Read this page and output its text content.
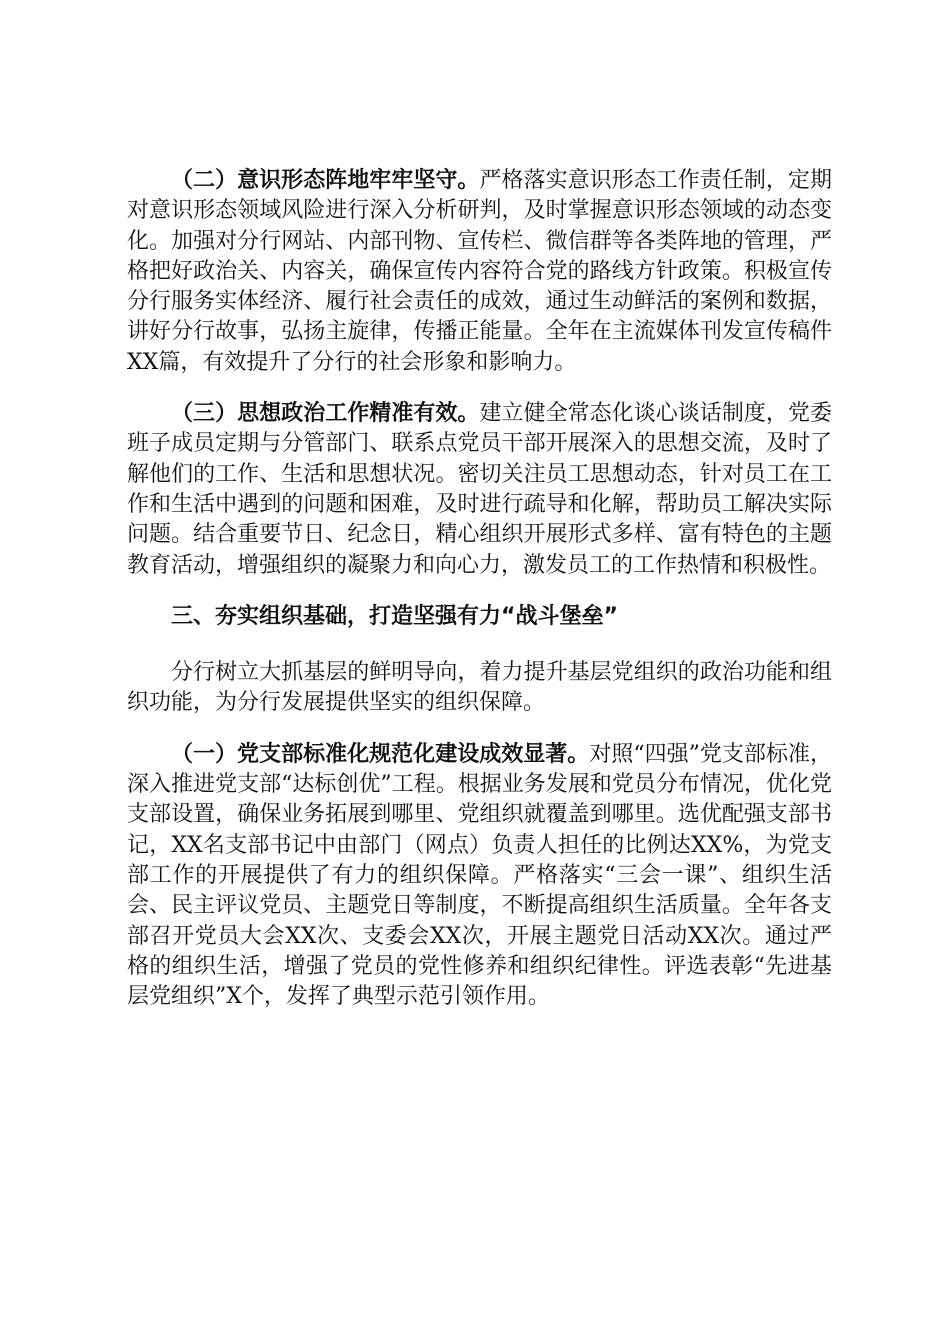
（二）意识形态阵地牢牢坚守。严格落实意识形态工作责任制，定期对意识形态领域风险进行深入分析研判，及时掌握意识形态领域的动态变化。加强对分行网站、内部刊物、宣传栏、微信群等各类阵地的管理，严格把好政治关、内容关，确保宣传内容符合党的路线方针政策。积极宣传分行服务实体经济、履行社会责任的成效，通过生动鲜活的案例和数据，讲好分行故事，弘扬主旋律，传播正能量。全年在主流媒体刊发宣传稿件XX篇，有效提升了分行的社会形象和影响力。

（三）思想政治工作精准有效。建立健全常态化谈心谈话制度，党委班子成员定期与分管部门、联系点党员干部开展深入的思想交流，及时了解他们的工作、生活和思想状况。密切关注员工思想动态，针对员工在工作和生活中遇到的问题和困难，及时进行疏导和化解，帮助员工解决实际问题。结合重要节日、纪念日，精心组织开展形式多样、富有特色的主题教育活动，增强组织的凝聚力和向心力，激发员工的工作热情和积极性。

三、夯实组织基础，打造坚强有力“战斗堡垒”

分行树立大抓基层的鲜明导向，着力提升基层党组织的政治功能和组织功能，为分行发展提供坚实的组织保障。

（一）党支部标准化规范化建设成效显著。对照“四强”党支部标准，深入推进党支部“达标创优”工程。根据业务发展和党员分布情况，优化党支部设置，确保业务拓展到哪里、党组织就覆盖到哪里。选优配强支部书记，XX名支部书记中由部门（网点）负责人担任的比例达XX%，为党支部工作的开展提供了有力的组织保障。严格落实“三会一课”、组织生活会、民主评议党员、主题党日等制度，不断提高组织生活质量。全年各支部召开党员大会XX次、支委会XX次，开展主题党日活动XX次。通过严格的组织生活，增强了党员的党性修养和组织纪律性。评选表彰“先进基层党组织”X个，发挥了典型示范引领作用。
